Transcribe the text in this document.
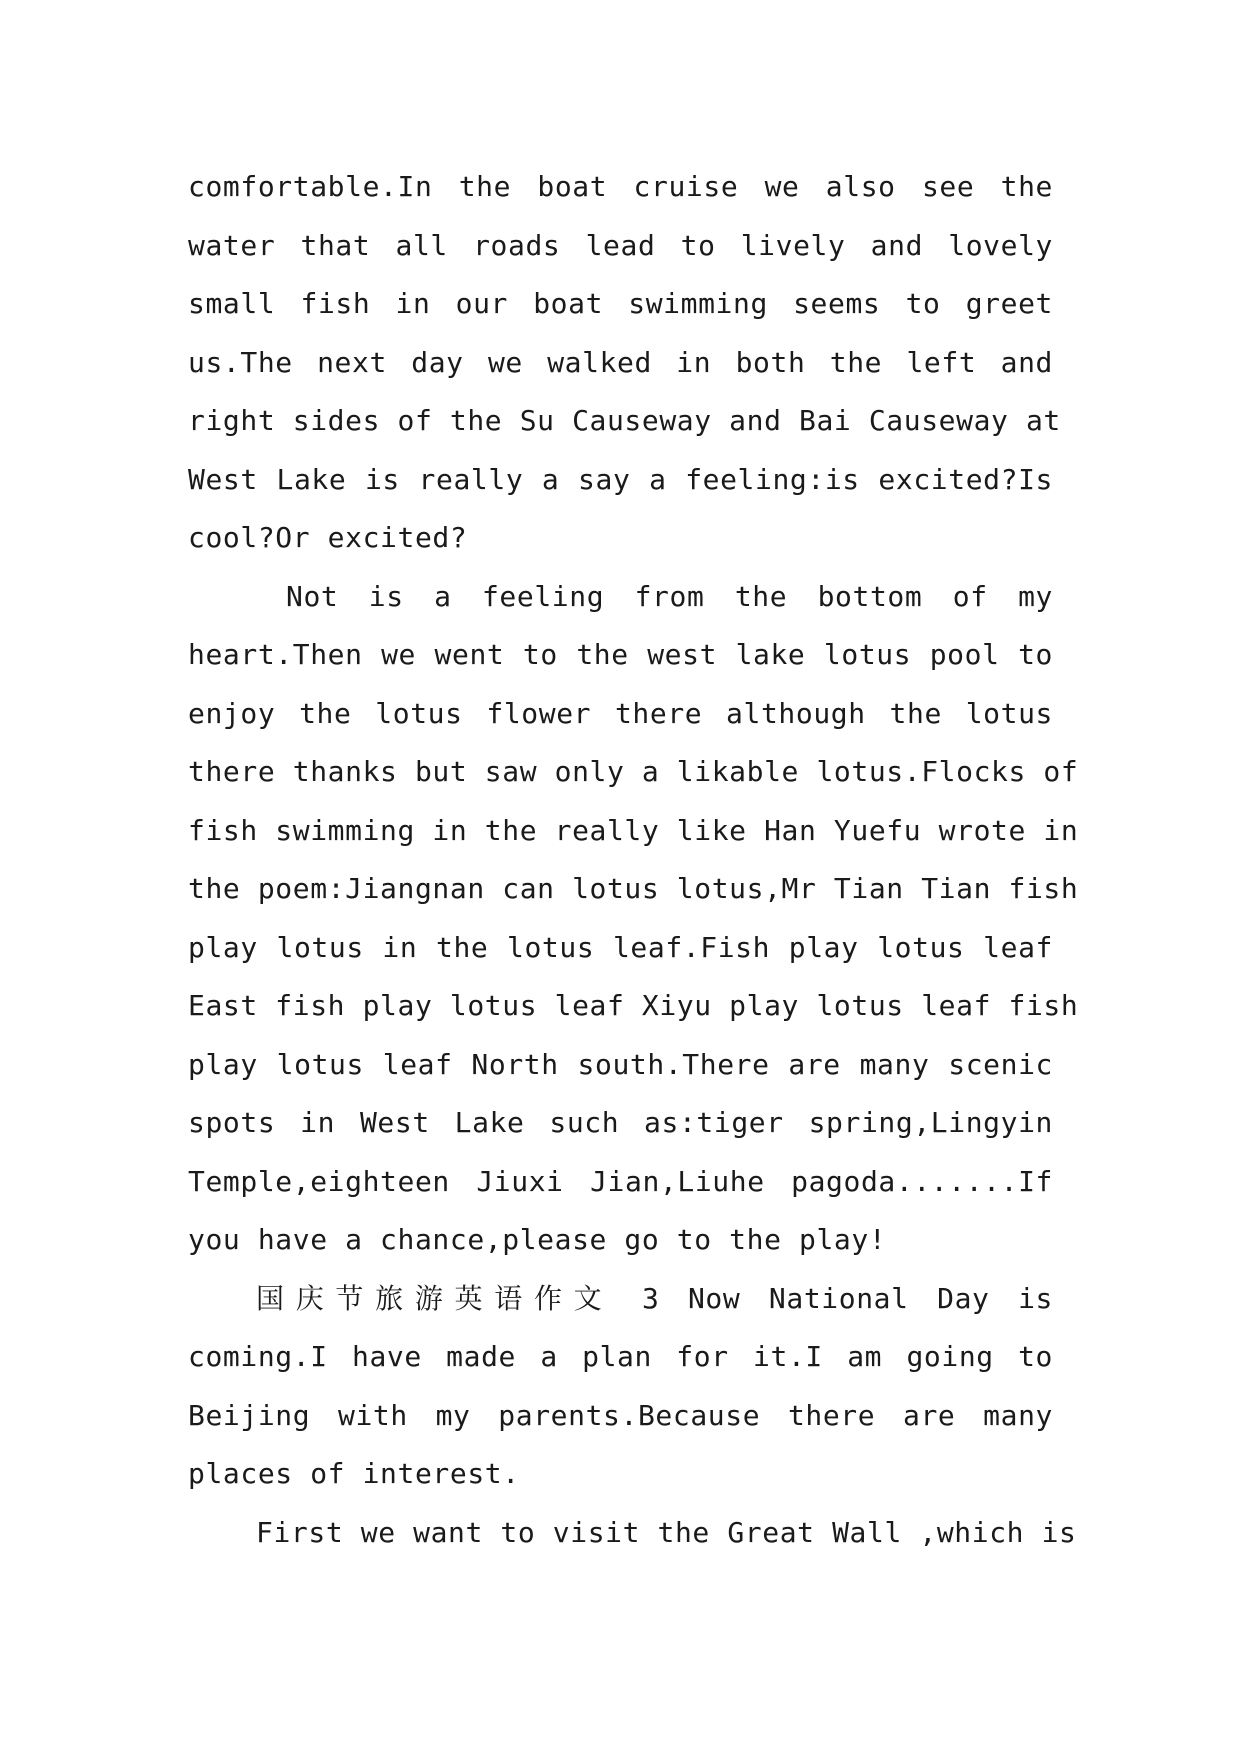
comfortable.In the boat cruise we also see the
water that all roads lead to lively and lovely
small fish in our boat swimming seems to greet
us.The next day we walked in both the left and
right sides of the Su Causeway and Bai Causeway at
West Lake is really a say a feeling:is excited?Is
cool?Or excited?
Not is a feeling from the bottom of my
heart.Then we went to the west lake lotus pool to
enjoy the lotus flower there although the lotus
there thanks but saw only a likable lotus.Flocks of
fish swimming in the really like Han Yuefu wrote in
the poem:Jiangnan can lotus lotus,Mr Tian Tian fish
play lotus in the lotus leaf.Fish play lotus leaf
East fish play lotus leaf Xiyu play lotus leaf fish
play lotus leaf North south.There are many scenic
spots in West Lake such as:tiger spring,Lingyin
Temple,eighteen Jiuxi Jian,Liuhe pagoda.......If
you have a chance,please go to the play!
国庆节旅游英语作文 3 Now National Day is
coming.I have made a plan for it.I am going to
Beijing with my parents.Because there are many
places of interest.
First we want to visit the Great Wall ,which is
